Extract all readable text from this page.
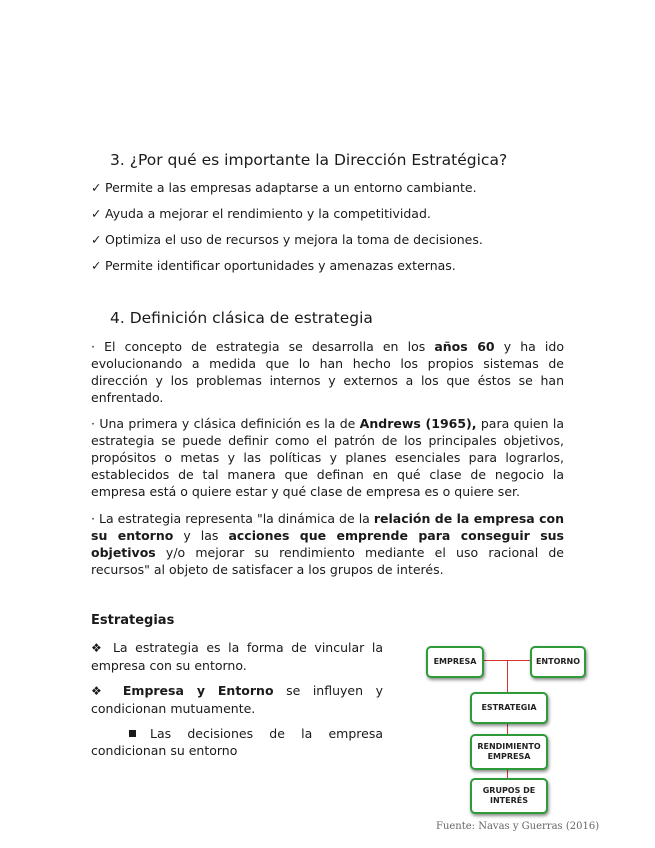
3. ¿Por qué es importante la Dirección Estratégica?
✓ Permite a las empresas adaptarse a un entorno cambiante.
✓ Ayuda a mejorar el rendimiento y la competitividad.
✓ Optimiza el uso de recursos y mejora la toma de decisiones.
✓ Permite identificar oportunidades y amenazas externas.
4. Definición clásica de estrategia

· El concepto de estrategia se desarrolla en los años 60 y ha ido evolucionando a medida que lo han hecho los propios sistemas de dirección y los problemas internos y externos a los que éstos se han enfrentado.

· Una primera y clásica definición es la de Andrews (1965), para quien la estrategia se puede definir como el patrón de los principales objetivos, propósitos o metas y las políticas y planes esenciales para lograrlos, establecidos de tal manera que definan en qué clase de negocio la empresa está o quiere estar y qué clase de empresa es o quiere ser.

· La estrategia representa "la dinámica de la relación de la empresa con su entorno y las acciones que emprende para conseguir sus objetivos y/o mejorar su rendimiento mediante el uso racional de recursos" al objeto de satisfacer a los grupos de interés.

Estrategias

❖ La estrategia es la forma de vincular la empresa con su entorno.

❖ Empresa y Entorno se influyen y condicionan mutuamente.

Las decisiones de la empresa condicionan su entorno

EMPRESA	ENTORNO
ESTRATEGIA
RENDIMIENTO EMPRESA
GRUPOS DE INTERÉS
Fuente: Navas y Guerras (2016)
